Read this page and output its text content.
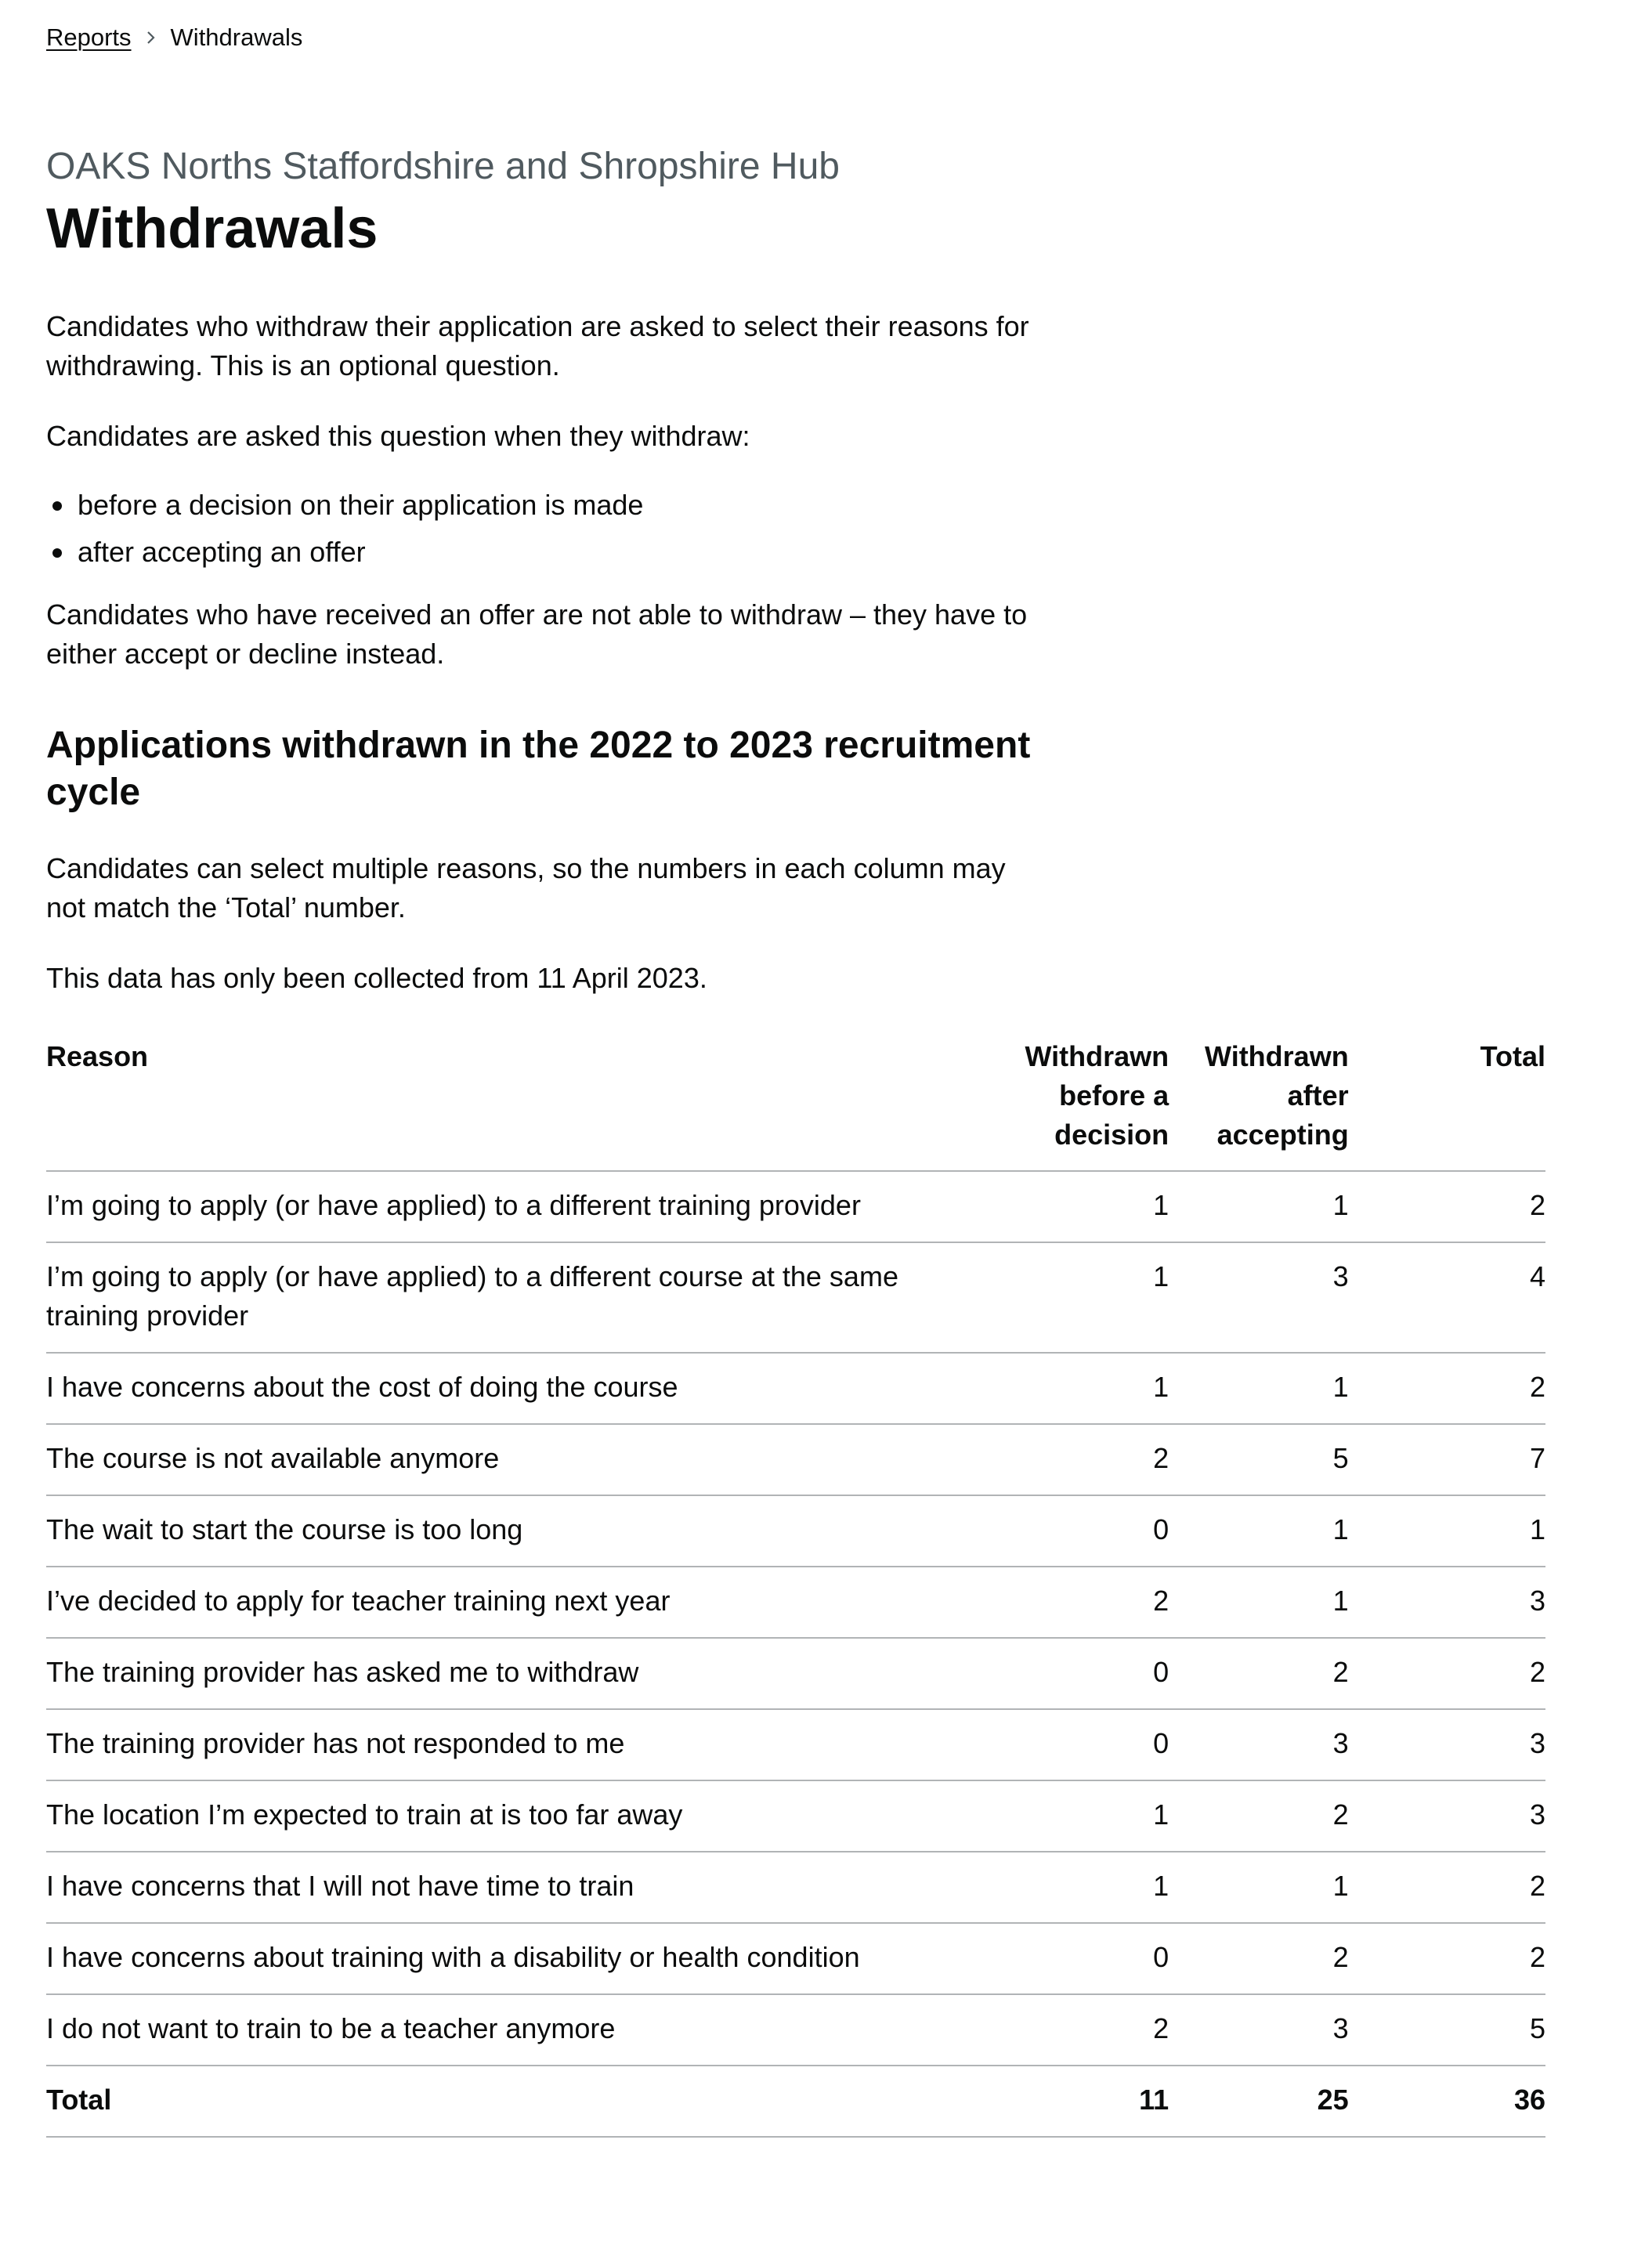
Reports Withdrawals
OAKS Norths Staffordshire and Shropshire Hub
Withdrawals

Candidates who withdraw their application are asked to select their reasons for withdrawing. This is an optional question.

Candidates are asked this question when they withdraw:

before a decision on their application is made
after accepting an offer

Candidates who have received an offer are not able to withdraw – they have to either accept or decline instead.

Applications withdrawn in the 2022 to 2023 recruitment cycle

Candidates can select multiple reasons, so the numbers in each column may not match the ‘Total’ number.

This data has only been collected from 11 April 2023.

Reason	Withdrawn before a decision	Withdrawn after accepting	Total
I’m going to apply (or have applied) to a different training provider	1	1	2
I’m going to apply (or have applied) to a different course at the same training provider	1	3	4
I have concerns about the cost of doing the course	1	1	2
The course is not available anymore	2	5	7
The wait to start the course is too long	0	1	1
I’ve decided to apply for teacher training next year	2	1	3
The training provider has asked me to withdraw	0	2	2
The training provider has not responded to me	0	3	3
The location I’m expected to train at is too far away	1	2	3
I have concerns that I will not have time to train	1	1	2
I have concerns about training with a disability or health condition	0	2	2
I do not want to train to be a teacher anymore	2	3	5
Total	11	25	36
